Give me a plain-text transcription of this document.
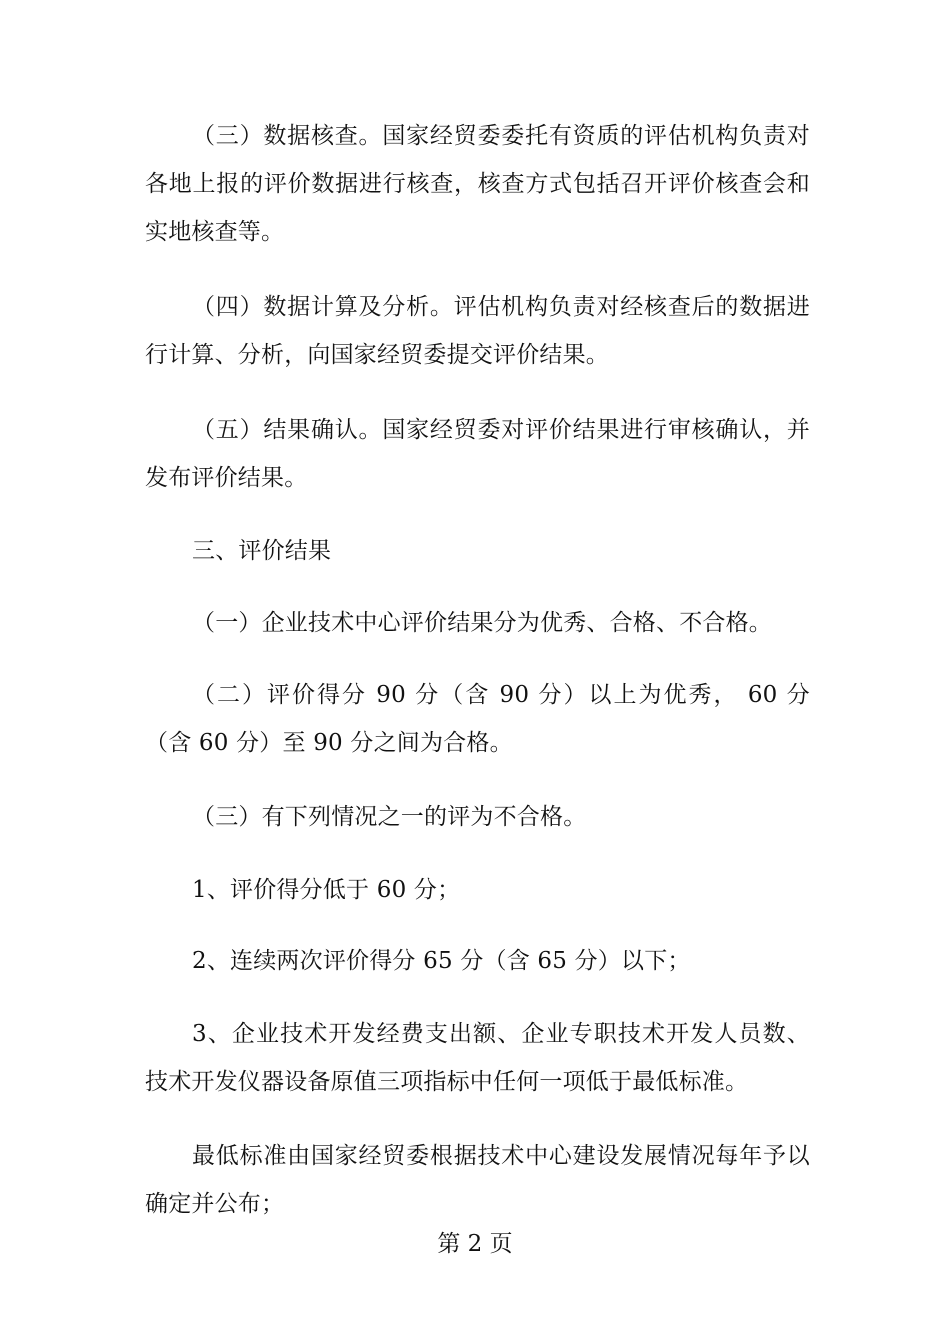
（三）数据核查。国家经贸委委托有资质的评估机构负责对各地上报的评价数据进行核查，核查方式包括召开评价核查会和实地核查等。

（四）数据计算及分析。评估机构负责对经核查后的数据进行计算、分析，向国家经贸委提交评价结果。

（五）结果确认。国家经贸委对评价结果进行审核确认，并发布评价结果。

三、评价结果

（一）企业技术中心评价结果分为优秀、合格、不合格。

（二）评价得分 90 分（含 90 分）以上为优秀， 60 分（含 60 分）至 90 分之间为合格。

（三）有下列情况之一的评为不合格。

1、评价得分低于 60 分；

2、连续两次评价得分 65 分（含 65 分）以下；

3、企业技术开发经费支出额、企业专职技术开发人员数、技术开发仪器设备原值三项指标中任何一项低于最低标准。

最低标准由国家经贸委根据技术中心建设发展情况每年予以确定并公布；

第 2 页
